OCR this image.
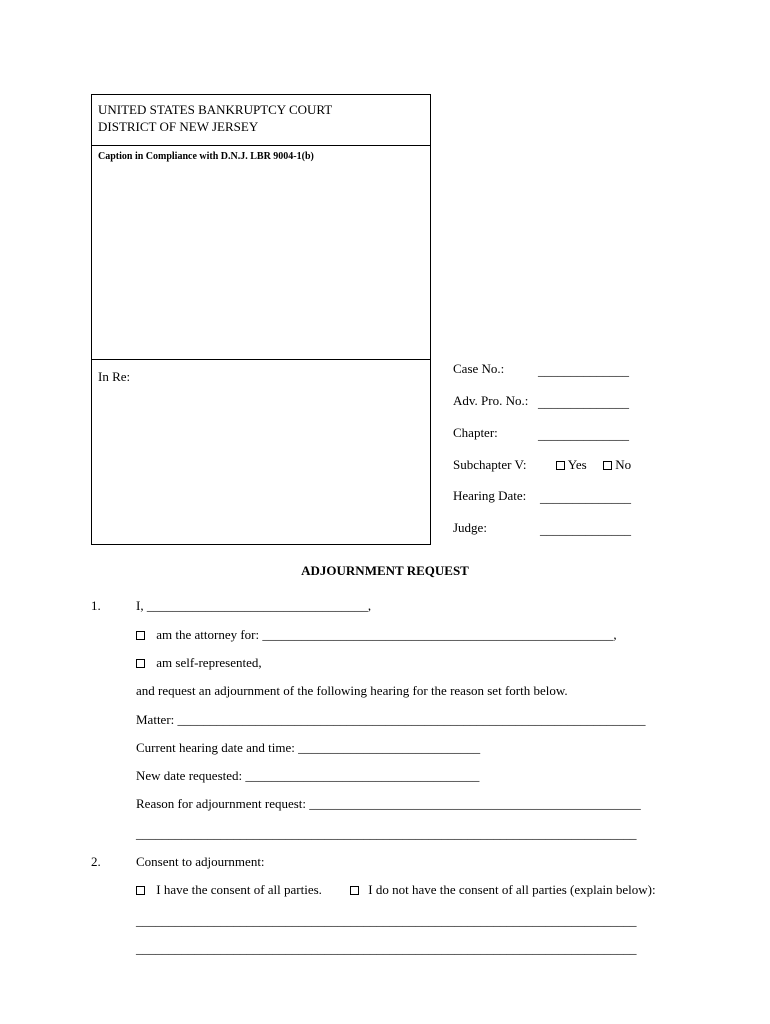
UNITED STATES BANKRUPTCY COURT
DISTRICT OF NEW JERSEY
Caption in Compliance with D.N.J. LBR 9004-1(b)
In Re:
Case No.:	______________
Adv. Pro. No.: ______________
Chapter:	______________
Subchapter V:	Yes	No
Hearing Date: ______________
Judge:	______________
ADJOURNMENT REQUEST
1.	I, __________________________________,
am the attorney for: ______________________________________________________,
am self-represented,
and request an adjournment of the following hearing for the reason set forth below.
Matter: ________________________________________________________________________
Current hearing date and time: ____________________________
New date requested: ____________________________________
Reason for adjournment request: ___________________________________________________
_____________________________________________________________________________
2.	Consent to adjournment:
I have the consent of all parties.	I do not have the consent of all parties (explain below):
_____________________________________________________________________________
_____________________________________________________________________________
